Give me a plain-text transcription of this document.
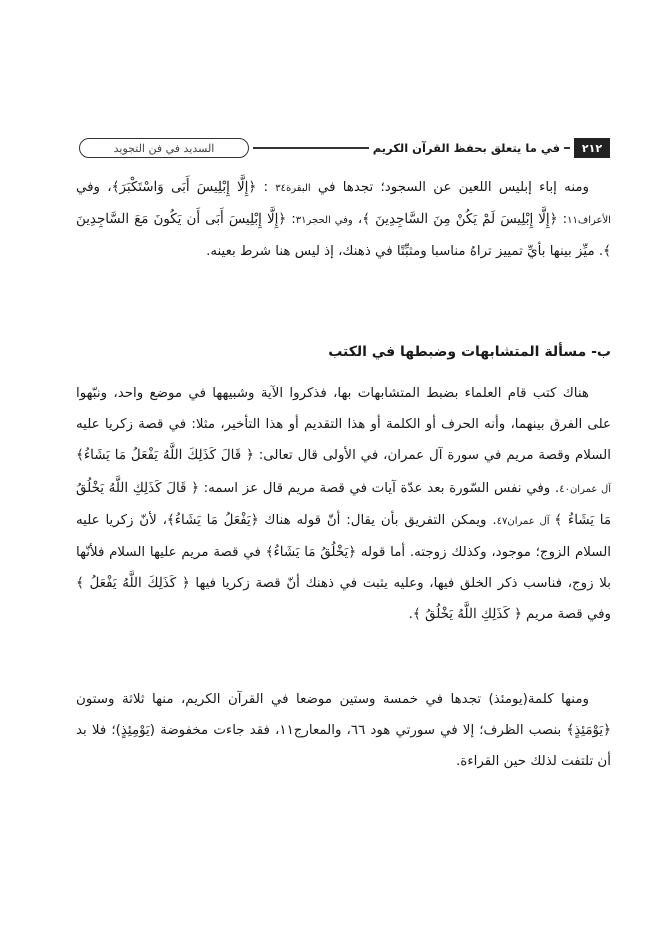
السديد في فن التجويد	في ما يتعلق بحفظ القرآن الكريم	٢١٢
ومنه إباء إبليس اللعين عن السجود؛ تجدها في البقرة٣٤ : ﴿إِلَّا إِبْلِيسَ أَبَى وَاسْتَكْبَرَ﴾، وفي الأعراف١١: ﴿إِلَّا إِبْلِيسَ لَمْ يَكُنْ مِنَ السَّاجِدِينَ ﴾، وفي الحجر٣١: ﴿إِلَّا إِبْلِيسَ أَبَى أَن يَكُونَ مَعَ السَّاجِدِينَ ﴾. ميِّز بينها بأيِّ تمييز تراهُ مناسبا ومثبِّتًا في ذهنك، إذ ليس هنا شرط بعينه.
ب- مسألة المتشابهات وضبطها في الكتب
هناك كتب قام العلماء بضبط المتشابهات بها، فذكروا الآية وشبيهها في موضع واحد، ونبّهوا على الفرق بينهما، وأنه الحرف أو الكلمة أو هذا التقديم أو هذا التأخير، مثلا: في قصة زكريا عليه السلام وقصة مريم في سورة آل عمران، في الأولى قال تعالى: ﴿ قَالَ كَذَلِكَ اللَّهُ يَفْعَلُ مَا يَشَاءُ﴾ آل عمران٤٠. وفي نفس السّورة بعد عدّة آيات في قصة مريم قال عز اسمه: ﴿ قَالَ كَذَلِكِ اللَّهُ يَخْلُقُ مَا يَشَاءُ ﴾ آل عمران٤٧. ويمكن التفريق بأن يقال: أنّ قوله هناك ﴿يَفْعَلُ مَا يَشَاءُ﴾، لأنّ زكريا عليه السلام الزوج؛ موجود، وكذلك زوجته. أما قوله ﴿يَخْلُقُ مَا يَشَاءُ﴾ في قصة مريم عليها السلام فلأنّها بلا زوج، فناسب ذكر الخلق فيها، وعليه يثبت في ذهنك أنّ قصة زكريا فيها ﴿ كَذَلِكَ اللَّهُ يَفْعَلُ ﴾ وفي قصة مريم ﴿ كَذَلِكِ اللَّهُ يَخْلُقُ ﴾.
ومنها كلمة(يومئذ) تجدها في خمسة وستين موضعا في القرآن الكريم، منها ثلاثة وستون ﴿يَوْمَئِذٍ﴾ بنصب الظرف؛ إلا في سورتي هود ٦٦، والمعارج١١، فقد جاءت مخفوضة (يَوْمِئِذٍ)؛ فلا بد أن تلتفت لذلك حين القراءة.
